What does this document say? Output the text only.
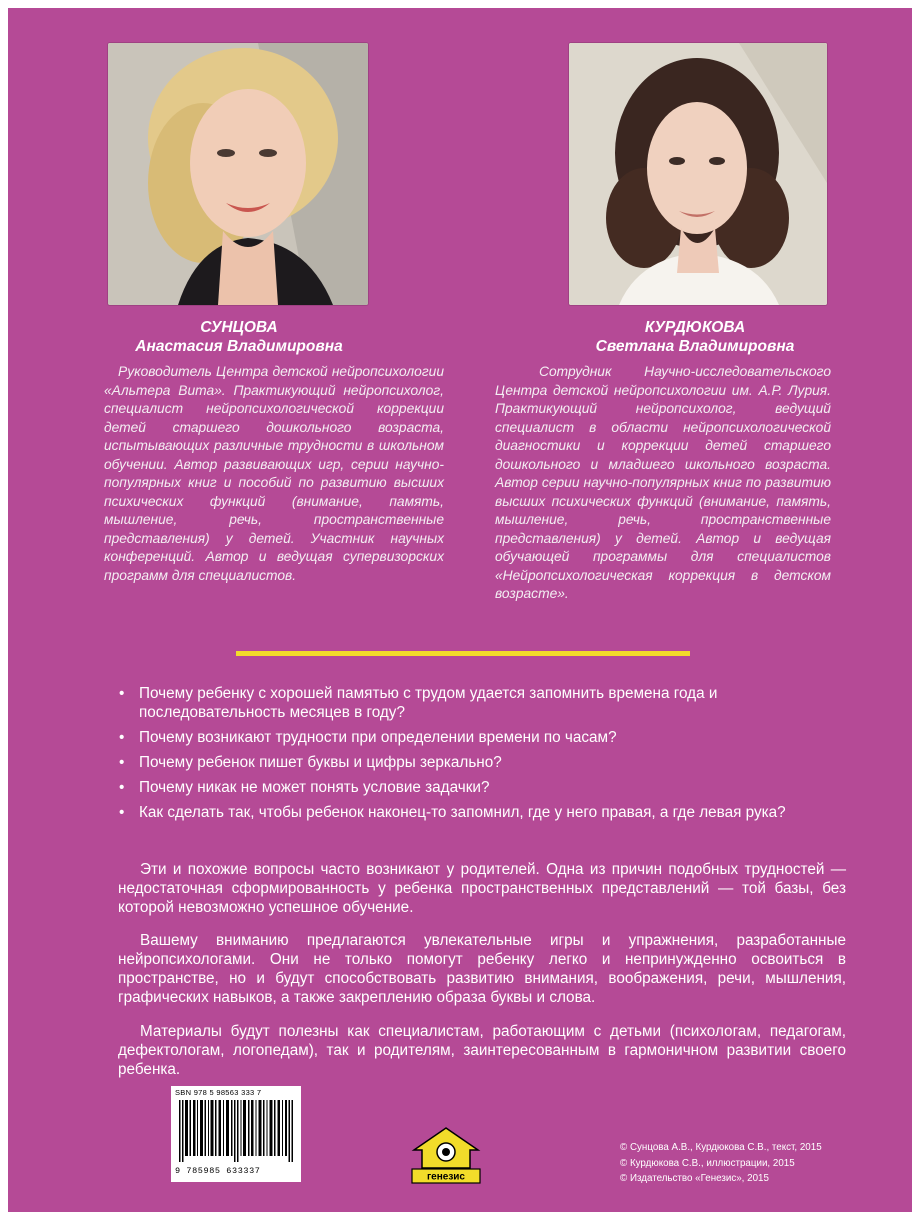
СУНЦОВА
Анастасия Владимировна
КУРДЮКОВА
Светлана Владимировна

Руководитель Центра детской нейропсихологии «Альтера Вита». Практикующий нейропсихолог, специалист нейропсихологической коррекции детей старшего дошкольного возраста, испытывающих различные трудности в школьном обучении. Автор развивающих игр, серии научно-популярных книг и пособий по развитию высших психических функций (внимание, память, мышление, речь, пространственные представления) у детей. Участник научных конференций. Автор и ведущая супервизорских программ для специалистов.

Сотрудник Научно-исследовательского Центра детской нейропсихологии им. А.Р. Лурия. Практикующий нейропсихолог, ведущий специалист в области нейропсихологической диагностики и коррекции детей старшего дошкольного и младшего школьного возраста. Автор серии научно-популярных книг по развитию высших психических функций (внимание, память, мышление, речь, пространственные представления) у детей. Автор и ведущая обучающей программы для специалистов «Нейропсихологическая коррекция в детском возрасте».

• Почему ребенку с хорошей памятью с трудом удается запомнить времена года и последовательность месяцев в году?
• Почему возникают трудности при определении времени по часам?
• Почему ребенок пишет буквы и цифры зеркально?
• Почему никак не может понять условие задачки?
• Как сделать так, чтобы ребенок наконец-то запомнил, где у него правая, а где левая рука?

Эти и похожие вопросы часто возникают у родителей. Одна из причин подобных трудностей — недостаточная сформированность у ребенка пространственных представлений — той базы, без которой невозможно успешное обучение.

Вашему вниманию предлагаются увлекательные игры и упражнения, разработанные нейропсихологами. Они не только помогут ребенку легко и непринужденно освоиться в пространстве, но и будут способствовать развитию внимания, воображения, речи, мышления, графических навыков, а также закреплению образа буквы и слова.

Материалы будут полезны как специалистам, работающим с детьми (психологам, педагогам, дефектологам, логопедам), так и родителям, заинтересованным в гармоничном развитии своего ребенка.

SBN 978 5 98563 333 7
9 785985 633337
генезис
© Сунцова А.В., Курдюкова С.В., текст, 2015
© Курдюкова С.В., иллюстрации, 2015
© Издательство «Генезис», 2015
